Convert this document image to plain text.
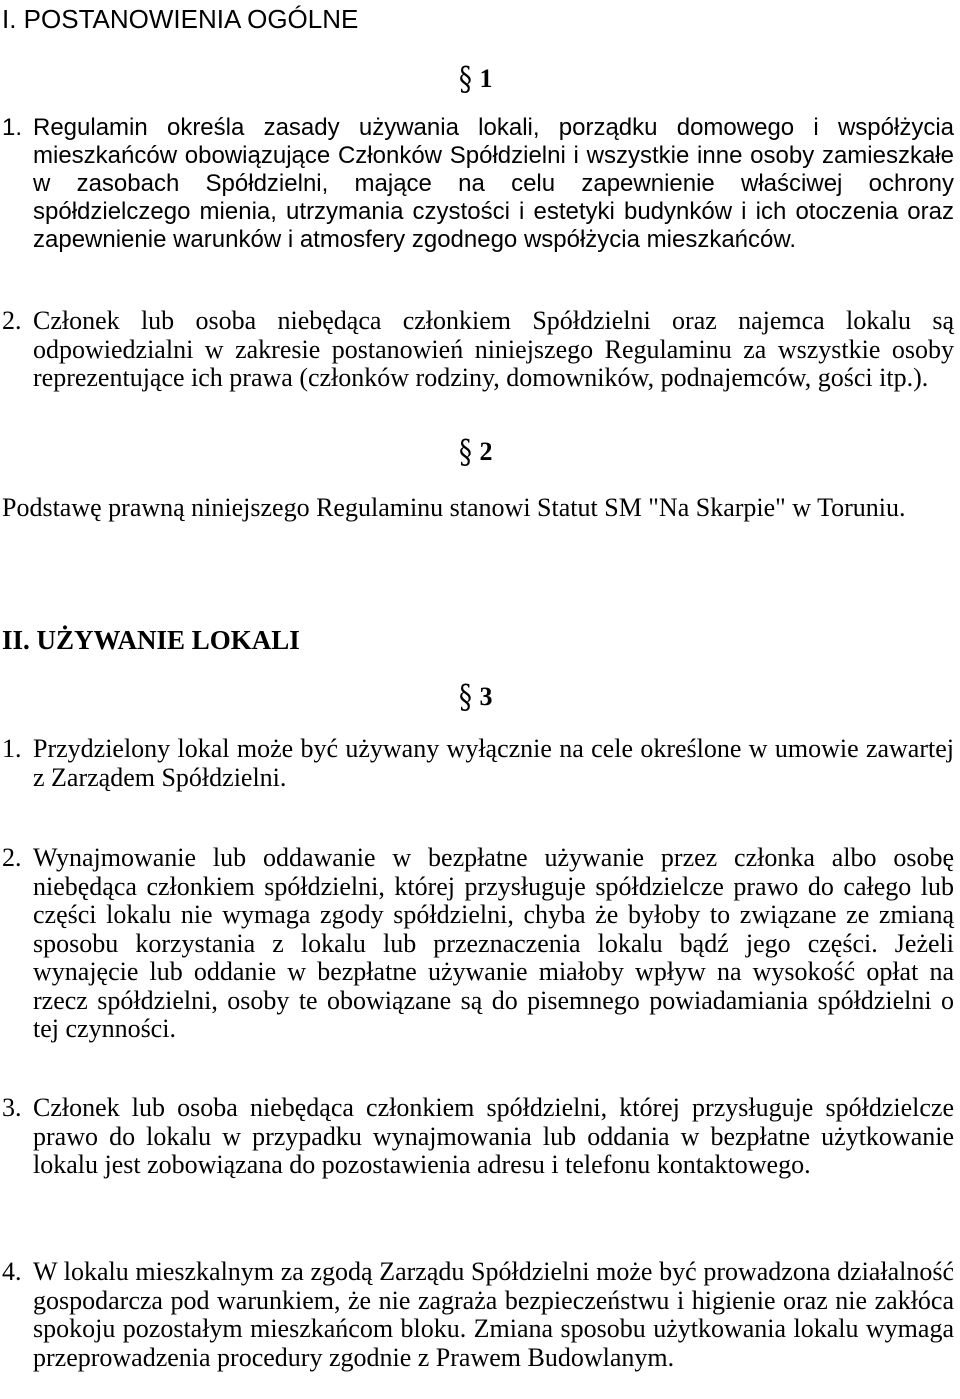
I. POSTANOWIENIA OGÓLNE
§ 1
1. Regulamin określa zasady używania lokali, porządku domowego i współżycia mieszkańców obowiązujące Członków Spółdzielni i wszystkie inne osoby zamieszkałe w zasobach Spółdzielni, mające na celu zapewnienie właściwej ochrony spółdzielczego mienia, utrzymania czystości i estetyki budynków i ich otoczenia oraz zapewnienie warunków i atmosfery zgodnego współżycia mieszkańców.
2. Członek lub osoba niebędąca członkiem Spółdzielni oraz najemca lokalu są odpowiedzialni w zakresie postanowień niniejszego Regulaminu za wszystkie osoby reprezentujące ich prawa (członków rodziny, domowników, podnajemców, gości itp.).
§ 2
Podstawę prawną niniejszego Regulaminu stanowi Statut SM "Na Skarpie" w Toruniu.
II. UŻYWANIE LOKALI
§ 3
1. Przydzielony lokal może być używany wyłącznie na cele określone w umowie zawartej z Zarządem Spółdzielni.
2. Wynajmowanie lub oddawanie w bezpłatne używanie przez członka albo osobę niebędąca członkiem spółdzielni, której przysługuje spółdzielcze prawo do całego lub części lokalu nie wymaga zgody spółdzielni, chyba że byłoby to związane ze zmianą sposobu korzystania z lokalu lub przeznaczenia lokalu bądź jego części. Jeżeli wynajęcie lub oddanie w bezpłatne używanie miałoby wpływ na wysokość opłat na rzecz spółdzielni, osoby te obowiązane są do pisemnego powiadamiania spółdzielni o tej czynności.
3. Członek lub osoba niebędąca członkiem spółdzielni, której przysługuje spółdzielcze prawo do lokalu w przypadku wynajmowania lub oddania w bezpłatne użytkowanie lokalu jest zobowiązana do pozostawienia adresu i telefonu kontaktowego.
4. W lokalu mieszkalnym za zgodą Zarządu Spółdzielni może być prowadzona działalność gospodarcza pod warunkiem, że nie zagraża bezpieczeństwu i higienie oraz nie zakłóca spokoju pozostałym mieszkańcom bloku. Zmiana sposobu użytkowania lokalu wymaga przeprowadzenia procedury zgodnie z Prawem Budowlanym.
